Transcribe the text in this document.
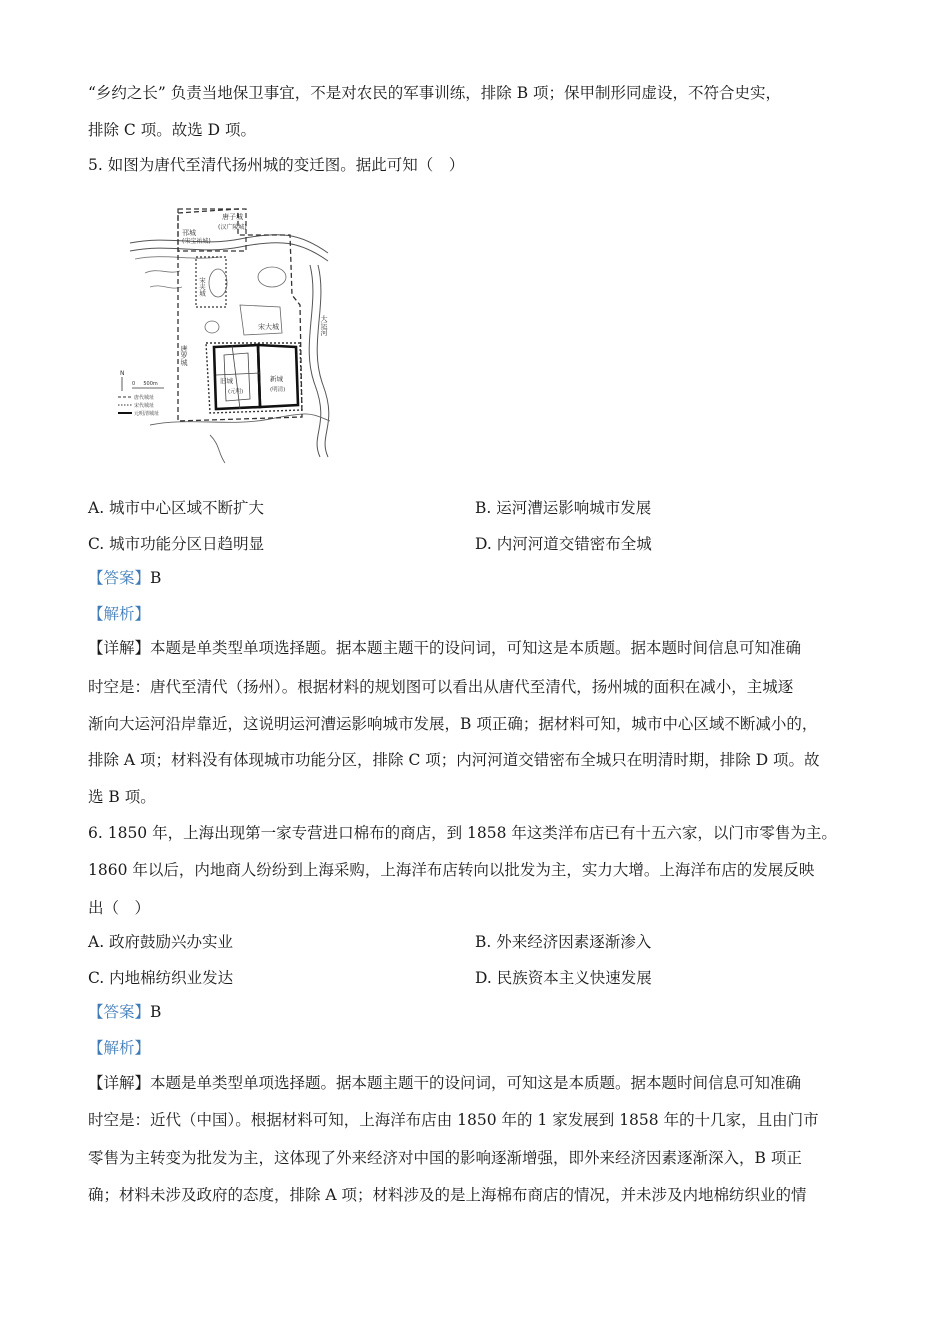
“乡约之长” 负责当地保卫事宜，不是对农民的军事训练，排除 B 项；保甲制形同虚设，不符合史实，
排除 C 项。故选 D 项。
5. 如图为唐代至清代扬州城的变迁图。据此可知（　）
唐子城
(汉广陵城)
邗城
(宋宝祐城)
宋夹城
宋大城
唐罗城
旧城
(元明)
新城
(明清)
大运河
N
0 　 500m
唐代城址
宋代城址
元明清城址
A. 城市中心区域不断扩大	B. 运河漕运影响城市发展
C. 城市功能分区日趋明显	D. 内河河道交错密布全城
【答案】B
【解析】
【详解】本题是单类型单项选择题。据本题主题干的设问词，可知这是本质题。据本题时间信息可知准确
时空是：唐代至清代（扬州）。根据材料的规划图可以看出从唐代至清代，扬州城的面积在减小，主城逐
渐向大运河沿岸靠近，这说明运河漕运影响城市发展，B 项正确；据材料可知，城市中心区域不断减小的，
排除 A 项；材料没有体现城市功能分区，排除 C 项；内河河道交错密布全城只在明清时期，排除 D 项。故
选 B 项。
6. 1850 年，上海出现第一家专营进口棉布的商店，到 1858 年这类洋布店已有十五六家，以门市零售为主。
1860 年以后，内地商人纷纷到上海采购，上海洋布店转向以批发为主，实力大增。上海洋布店的发展反映
出（　）
A. 政府鼓励兴办实业	B. 外来经济因素逐渐渗入
C. 内地棉纺织业发达	D. 民族资本主义快速发展
【答案】B
【解析】
【详解】本题是单类型单项选择题。据本题主题干的设问词，可知这是本质题。据本题时间信息可知准确
时空是：近代（中国）。根据材料可知，上海洋布店由 1850 年的 1 家发展到 1858 年的十几家，且由门市
零售为主转变为批发为主，这体现了外来经济对中国的影响逐渐增强，即外来经济因素逐渐深入，B 项正
确；材料未涉及政府的态度，排除 A 项；材料涉及的是上海棉布商店的情况，并未涉及内地棉纺织业的情
